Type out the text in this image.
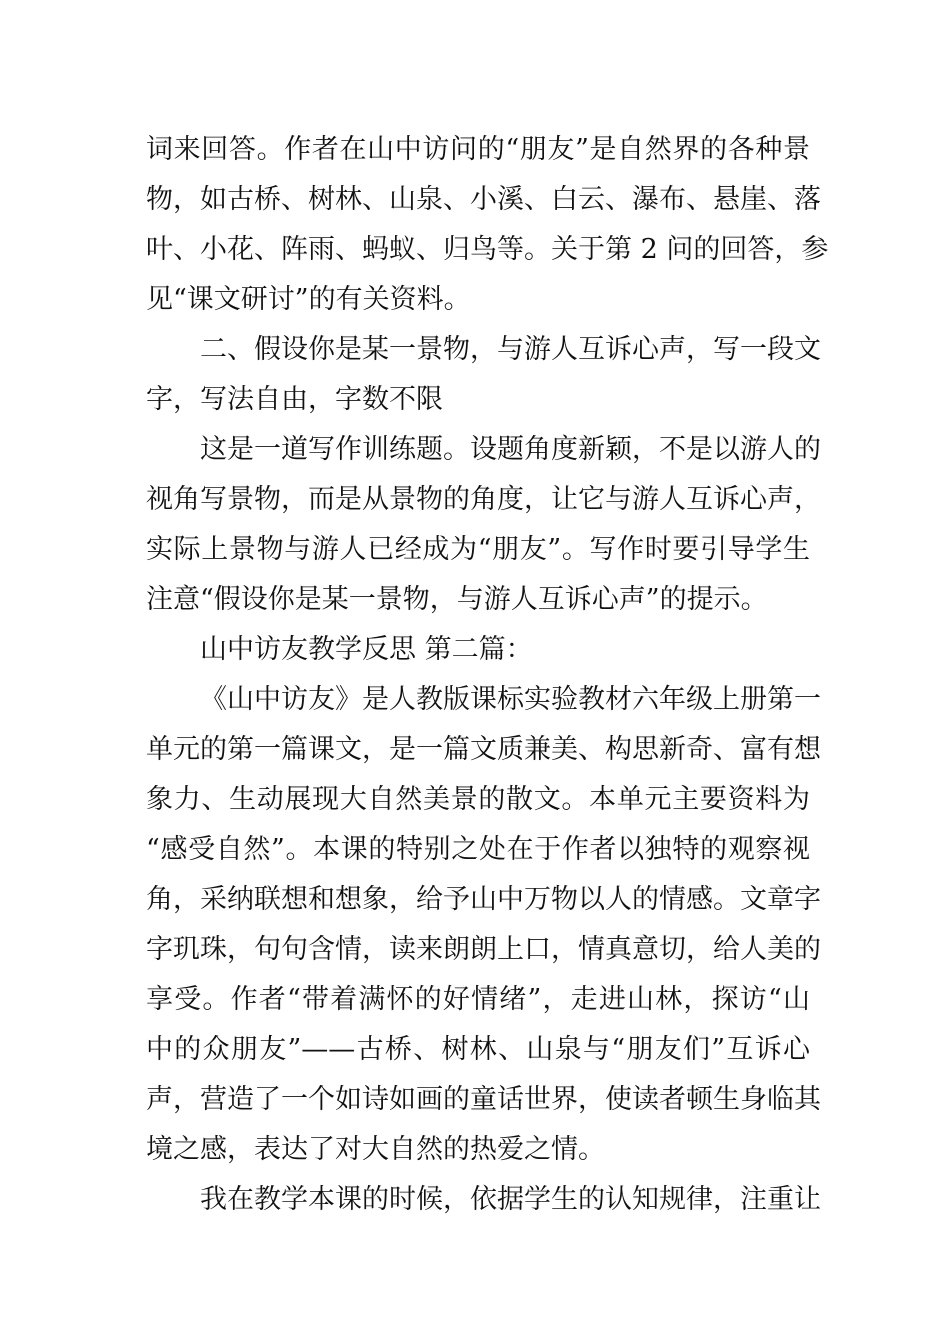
词来回答。作者在山中访问的“朋友”是自然界的各种景
物，如古桥、树林、山泉、小溪、白云、瀑布、悬崖、落
叶、小花、阵雨、蚂蚁、归鸟等。关于第 2 问的回答，参
见“课文研讨”的有关资料。
二、假设你是某一景物，与游人互诉心声，写一段文
字，写法自由，字数不限
这是一道写作训练题。设题角度新颖，不是以游人的
视角写景物，而是从景物的角度，让它与游人互诉心声，
实际上景物与游人已经成为“朋友”。写作时要引导学生
注意“假设你是某一景物，与游人互诉心声”的提示。
山中访友教学反思 第二篇：
《山中访友》是人教版课标实验教材六年级上册第一
单元的第一篇课文，是一篇文质兼美、构思新奇、富有想
象力、生动展现大自然美景的散文。本单元主要资料为
“感受自然”。本课的特别之处在于作者以独特的观察视
角，采纳联想和想象，给予山中万物以人的情感。文章字
字玑珠，句句含情，读来朗朗上口，情真意切，给人美的
享受。作者“带着满怀的好情绪”，走进山林，探访“山
中的众朋友”——古桥、树林、山泉与“朋友们”互诉心
声，营造了一个如诗如画的童话世界，使读者顿生身临其
境之感，表达了对大自然的热爱之情。
我在教学本课的时候，依据学生的认知规律，注重让
